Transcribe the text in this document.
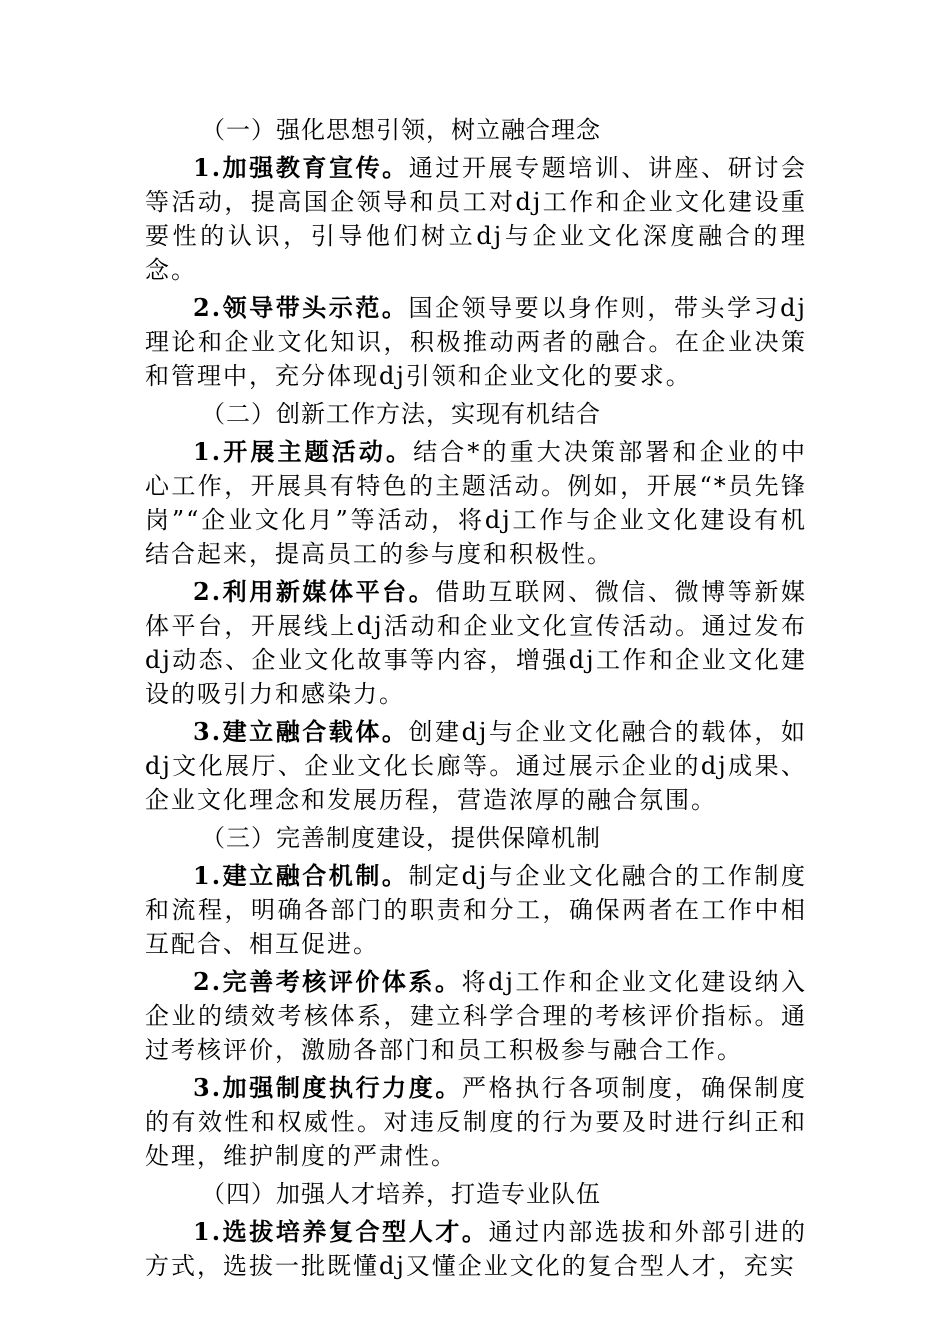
（一）强化思想引领，树立融合理念

1.加强教育宣传。通过开展专题培训、讲座、研讨会等活动，提高国企领导和员工对dj工作和企业文化建设重要性的认识，引导他们树立dj与企业文化深度融合的理念。

2.领导带头示范。国企领导要以身作则，带头学习dj理论和企业文化知识，积极推动两者的融合。在企业决策和管理中，充分体现dj引领和企业文化的要求。

（二）创新工作方法，实现有机结合

1.开展主题活动。结合*的重大决策部署和企业的中心工作，开展具有特色的主题活动。例如，开展“*员先锋岗”“企业文化月”等活动，将dj工作与企业文化建设有机结合起来，提高员工的参与度和积极性。

2.利用新媒体平台。借助互联网、微信、微博等新媒体平台，开展线上dj活动和企业文化宣传活动。通过发布dj动态、企业文化故事等内容，增强dj工作和企业文化建设的吸引力和感染力。

3.建立融合载体。创建dj与企业文化融合的载体，如dj文化展厅、企业文化长廊等。通过展示企业的dj成果、企业文化理念和发展历程，营造浓厚的融合氛围。

（三）完善制度建设，提供保障机制

1.建立融合机制。制定dj与企业文化融合的工作制度和流程，明确各部门的职责和分工，确保两者在工作中相互配合、相互促进。

2.完善考核评价体系。将dj工作和企业文化建设纳入企业的绩效考核体系，建立科学合理的考核评价指标。通过考核评价，激励各部门和员工积极参与融合工作。

3.加强制度执行力度。严格执行各项制度，确保制度的有效性和权威性。对违反制度的行为要及时进行纠正和处理，维护制度的严肃性。

（四）加强人才培养，打造专业队伍

1.选拔培养复合型人才。通过内部选拔和外部引进的方式，选拔一批既懂dj又懂企业文化的复合型人才，充实
